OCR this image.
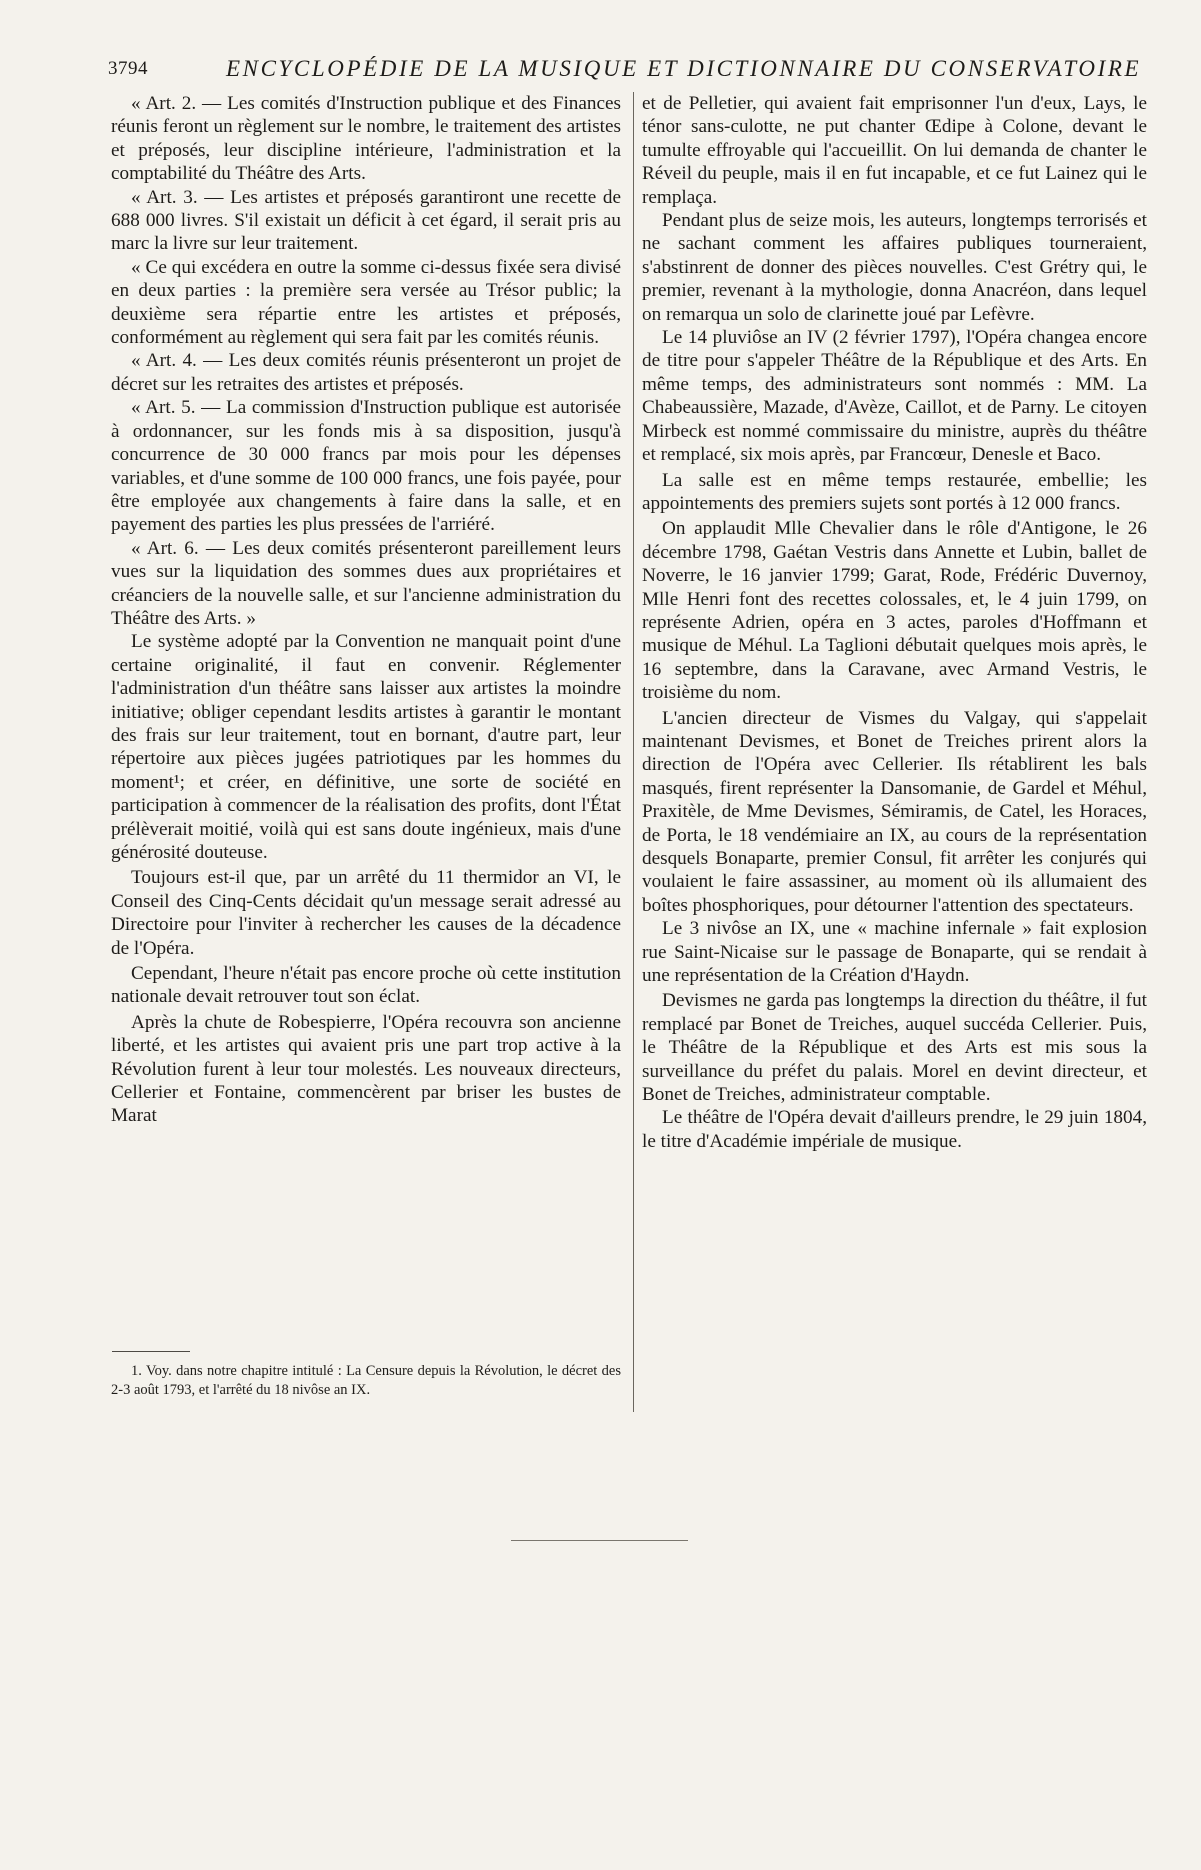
3794	ENCYCLOPÉDIE DE LA MUSIQUE ET DICTIONNAIRE DU CONSERVATOIRE

« Art. 2. — Les comités d'Instruction publique et des Finances réunis feront un règlement sur le nombre, le traitement des artistes et préposés, leur discipline intérieure, l'administration et la comptabilité du Théâtre des Arts.

« Art. 3. — Les artistes et préposés garantiront une recette de 688 000 livres. S'il existait un déficit à cet égard, il serait pris au marc la livre sur leur traitement.

« Ce qui excédera en outre la somme ci-dessus fixée sera divisé en deux parties : la première sera versée au Trésor public; la deuxième sera répartie entre les artistes et préposés, conformément au règlement qui sera fait par les comités réunis.

« Art. 4. — Les deux comités réunis présenteront un projet de décret sur les retraites des artistes et préposés.

« Art. 5. — La commission d'Instruction publique est autorisée à ordonnancer, sur les fonds mis à sa disposition, jusqu'à concurrence de 30 000 francs par mois pour les dépenses variables, et d'une somme de 100 000 francs, une fois payée, pour être employée aux changements à faire dans la salle, et en payement des parties les plus pressées de l'arriéré.

« Art. 6. — Les deux comités présenteront pareillement leurs vues sur la liquidation des sommes dues aux propriétaires et créanciers de la nouvelle salle, et sur l'ancienne administration du Théâtre des Arts. »

Le système adopté par la Convention ne manquait point d'une certaine originalité, il faut en convenir. Réglementer l'administration d'un théâtre sans laisser aux artistes la moindre initiative; obliger cependant lesdits artistes à garantir le montant des frais sur leur traitement, tout en bornant, d'autre part, leur répertoire aux pièces jugées patriotiques par les hommes du moment¹; et créer, en définitive, une sorte de société en participation à commencer de la réalisation des profits, dont l'État prélèverait moitié, voilà qui est sans doute ingénieux, mais d'une générosité douteuse.

Toujours est-il que, par un arrêté du 11 thermidor an VI, le Conseil des Cinq-Cents décidait qu'un message serait adressé au Directoire pour l'inviter à rechercher les causes de la décadence de l'Opéra.

Cependant, l'heure n'était pas encore proche où cette institution nationale devait retrouver tout son éclat.

Après la chute de Robespierre, l'Opéra recouvra son ancienne liberté, et les artistes qui avaient pris une part trop active à la Révolution furent à leur tour molestés. Les nouveaux directeurs, Cellerier et Fontaine, commencèrent par briser les bustes de Marat

et de Pelletier, qui avaient fait emprisonner l'un d'eux, Lays, le ténor sans-culotte, ne put chanter Œdipe à Colone, devant le tumulte effroyable qui l'accueillit. On lui demanda de chanter le Réveil du peuple, mais il en fut incapable, et ce fut Lainez qui le remplaça.

Pendant plus de seize mois, les auteurs, longtemps terrorisés et ne sachant comment les affaires publiques tourneraient, s'abstinrent de donner des pièces nouvelles. C'est Grétry qui, le premier, revenant à la mythologie, donna Anacréon, dans lequel on remarqua un solo de clarinette joué par Lefèvre.

Le 14 pluviôse an IV (2 février 1797), l'Opéra changea encore de titre pour s'appeler Théâtre de la République et des Arts. En même temps, des administrateurs sont nommés : MM. La Chabeaussière, Mazade, d'Avèze, Caillot, et de Parny. Le citoyen Mirbeck est nommé commissaire du ministre, auprès du théâtre et remplacé, six mois après, par Francœur, Denesle et Baco.

La salle est en même temps restaurée, embellie; les appointements des premiers sujets sont portés à 12 000 francs.

On applaudit Mlle Chevalier dans le rôle d'Antigone, le 26 décembre 1798, Gaétan Vestris dans Annette et Lubin, ballet de Noverre, le 16 janvier 1799; Garat, Rode, Frédéric Duvernoy, Mlle Henri font des recettes colossales, et, le 4 juin 1799, on représente Adrien, opéra en 3 actes, paroles d'Hoffmann et musique de Méhul. La Taglioni débutait quelques mois après, le 16 septembre, dans la Caravane, avec Armand Vestris, le troisième du nom.

L'ancien directeur de Vismes du Valgay, qui s'appelait maintenant Devismes, et Bonet de Treiches prirent alors la direction de l'Opéra avec Cellerier. Ils rétablirent les bals masqués, firent représenter la Dansomanie, de Gardel et Méhul, Praxitèle, de Mme Devismes, Sémiramis, de Catel, les Horaces, de Porta, le 18 vendémiaire an IX, au cours de la représentation desquels Bonaparte, premier Consul, fit arrêter les conjurés qui voulaient le faire assassiner, au moment où ils allumaient des boîtes phosphoriques, pour détourner l'attention des spectateurs.

Le 3 nivôse an IX, une « machine infernale » fait explosion rue Saint-Nicaise sur le passage de Bonaparte, qui se rendait à une représentation de la Création d'Haydn.

Devismes ne garda pas longtemps la direction du théâtre, il fut remplacé par Bonet de Treiches, auquel succéda Cellerier. Puis, le Théâtre de la République et des Arts est mis sous la surveillance du préfet du palais. Morel en devint directeur, et Bonet de Treiches, administrateur comptable.

Le théâtre de l'Opéra devait d'ailleurs prendre, le 29 juin 1804, le titre d'Académie impériale de musique.

1. Voy. dans notre chapitre intitulé : La Censure depuis la Révolution, le décret des 2-3 août 1793, et l'arrêté du 18 nivôse an IX.
